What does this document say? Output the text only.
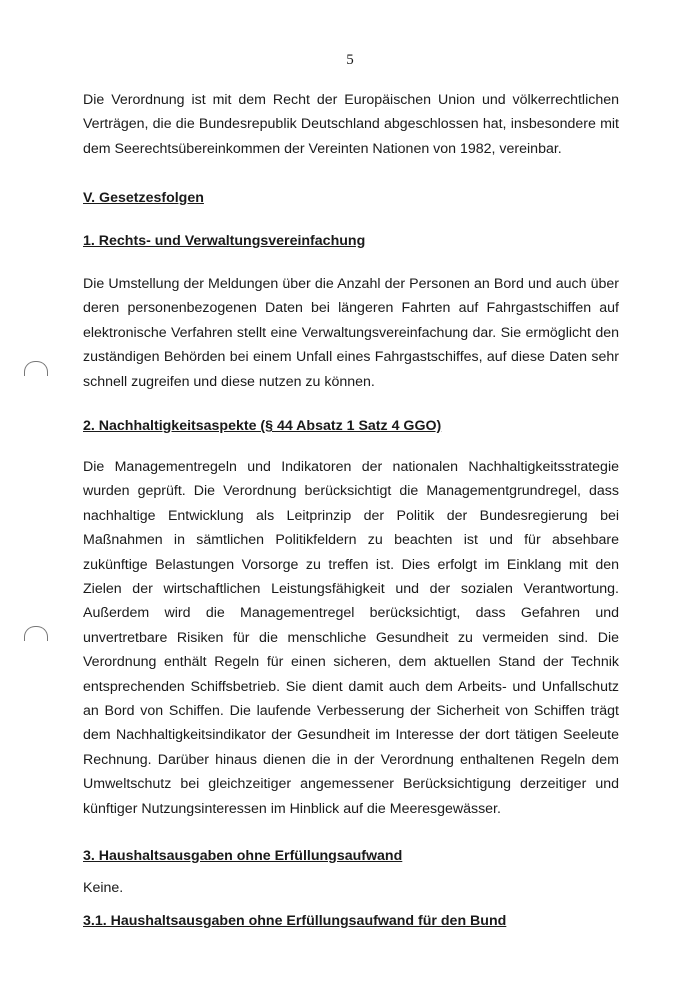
5
Die Verordnung ist mit dem Recht der Europäischen Union und völkerrechtlichen Verträgen, die die Bundesrepublik Deutschland abgeschlossen hat, insbesondere mit dem Seerechtsübereinkommen der Vereinten Nationen von 1982, vereinbar.
V. Gesetzesfolgen
1. Rechts- und Verwaltungsvereinfachung
Die Umstellung der Meldungen über die Anzahl der Personen an Bord und auch über deren personenbezogenen Daten bei längeren Fahrten auf Fahrgastschiffen auf elektronische Verfahren stellt eine Verwaltungsvereinfachung dar. Sie ermöglicht den zuständigen Behörden bei einem Unfall eines Fahrgastschiffes, auf diese Daten sehr schnell zugreifen und diese nutzen zu können.
2. Nachhaltigkeitsaspekte (§ 44 Absatz 1 Satz 4 GGO)
Die Managementregeln und Indikatoren der nationalen Nachhaltigkeitsstrategie wurden geprüft. Die Verordnung berücksichtigt die Managementgrundregel, dass nachhaltige Entwicklung als Leitprinzip der Politik der Bundesregierung bei Maßnahmen in sämtlichen Politikfeldern zu beachten ist und für absehbare zukünftige Belastungen Vorsorge zu treffen ist. Dies erfolgt im Einklang mit den Zielen der wirtschaftlichen Leistungsfähigkeit und der sozialen Verantwortung. Außerdem wird die Managementregel berücksichtigt, dass Gefahren und unvertretbare Risiken für die menschliche Gesundheit zu vermeiden sind. Die Verordnung enthält Regeln für einen sicheren, dem aktuellen Stand der Technik entsprechenden Schiffsbetrieb. Sie dient damit auch dem Arbeits- und Unfallschutz an Bord von Schiffen. Die laufende Verbesserung der Sicherheit von Schiffen trägt dem Nachhaltigkeitsindikator der Gesundheit im Interesse der dort tätigen Seeleute Rechnung. Darüber hinaus dienen die in der Verordnung enthaltenen Regeln dem Umweltschutz bei gleichzeitiger angemessener Berücksichtigung derzeitiger und künftiger Nutzungsinteressen im Hinblick auf die Meeresgewässer.
3. Haushaltsausgaben ohne Erfüllungsaufwand
Keine.
3.1. Haushaltsausgaben ohne Erfüllungsaufwand für den Bund
